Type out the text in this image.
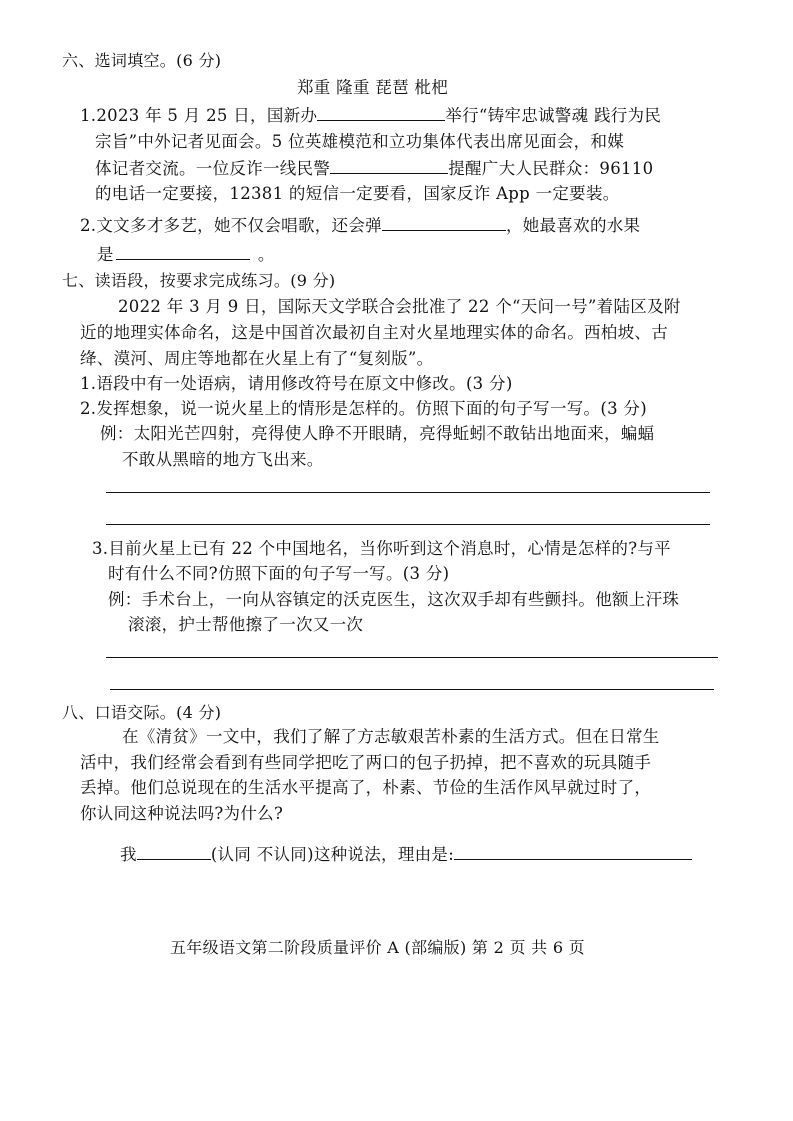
六、选词填空。(6 分)
郑重 隆重 琵琶 枇杷
1.2023 年 5 月 25 日，国新办	举行“铸牢忠诚警魂 践行为民
宗旨”中外记者见面会。5 位英雄模范和立功集体代表出席见面会，和媒
体记者交流。一位反诈一线民警	提醒广大人民群众：96110
的电话一定要接，12381 的短信一定要看，国家反诈 App 一定要装。
2.文文多才多艺，她不仅会唱歌，还会弹	，她最喜欢的水果
是	。
七、读语段，按要求完成练习。(9 分)
2022 年 3 月 9 日，国际天文学联合会批准了 22 个“天问一号”着陆区及附
近的地理实体命名，这是中国首次最初自主对火星地理实体的命名。西柏坡、古
绛、漠河、周庄等地都在火星上有了“复刻版”。
1.语段中有一处语病，请用修改符号在原文中修改。(3 分)
2.发挥想象，说一说火星上的情形是怎样的。仿照下面的句子写一写。(3 分)
例：太阳光芒四射，亮得使人睁不开眼睛，亮得蚯蚓不敢钻出地面来，蝙蝠
不敢从黑暗的地方飞出来。
3.目前火星上已有 22 个中国地名，当你听到这个消息时，心情是怎样的?与平
时有什么不同?仿照下面的句子写一写。(3 分)
例：手术台上，一向从容镇定的沃克医生，这次双手却有些颤抖。他额上汗珠
滚滚，护士帮他擦了一次又一次
八、口语交际。(4 分)
在《清贫》一文中，我们了解了方志敏艰苦朴素的生活方式。但在日常生
活中，我们经常会看到有些同学把吃了两口的包子扔掉，把不喜欢的玩具随手
丢掉。他们总说现在的生活水平提高了，朴素、节俭的生活作风早就过时了，
你认同这种说法吗?为什么?
我	(认同 不认同)这种说法，理由是:
五年级语文第二阶段质量评价 A (部编版) 第 2 页 共 6 页
